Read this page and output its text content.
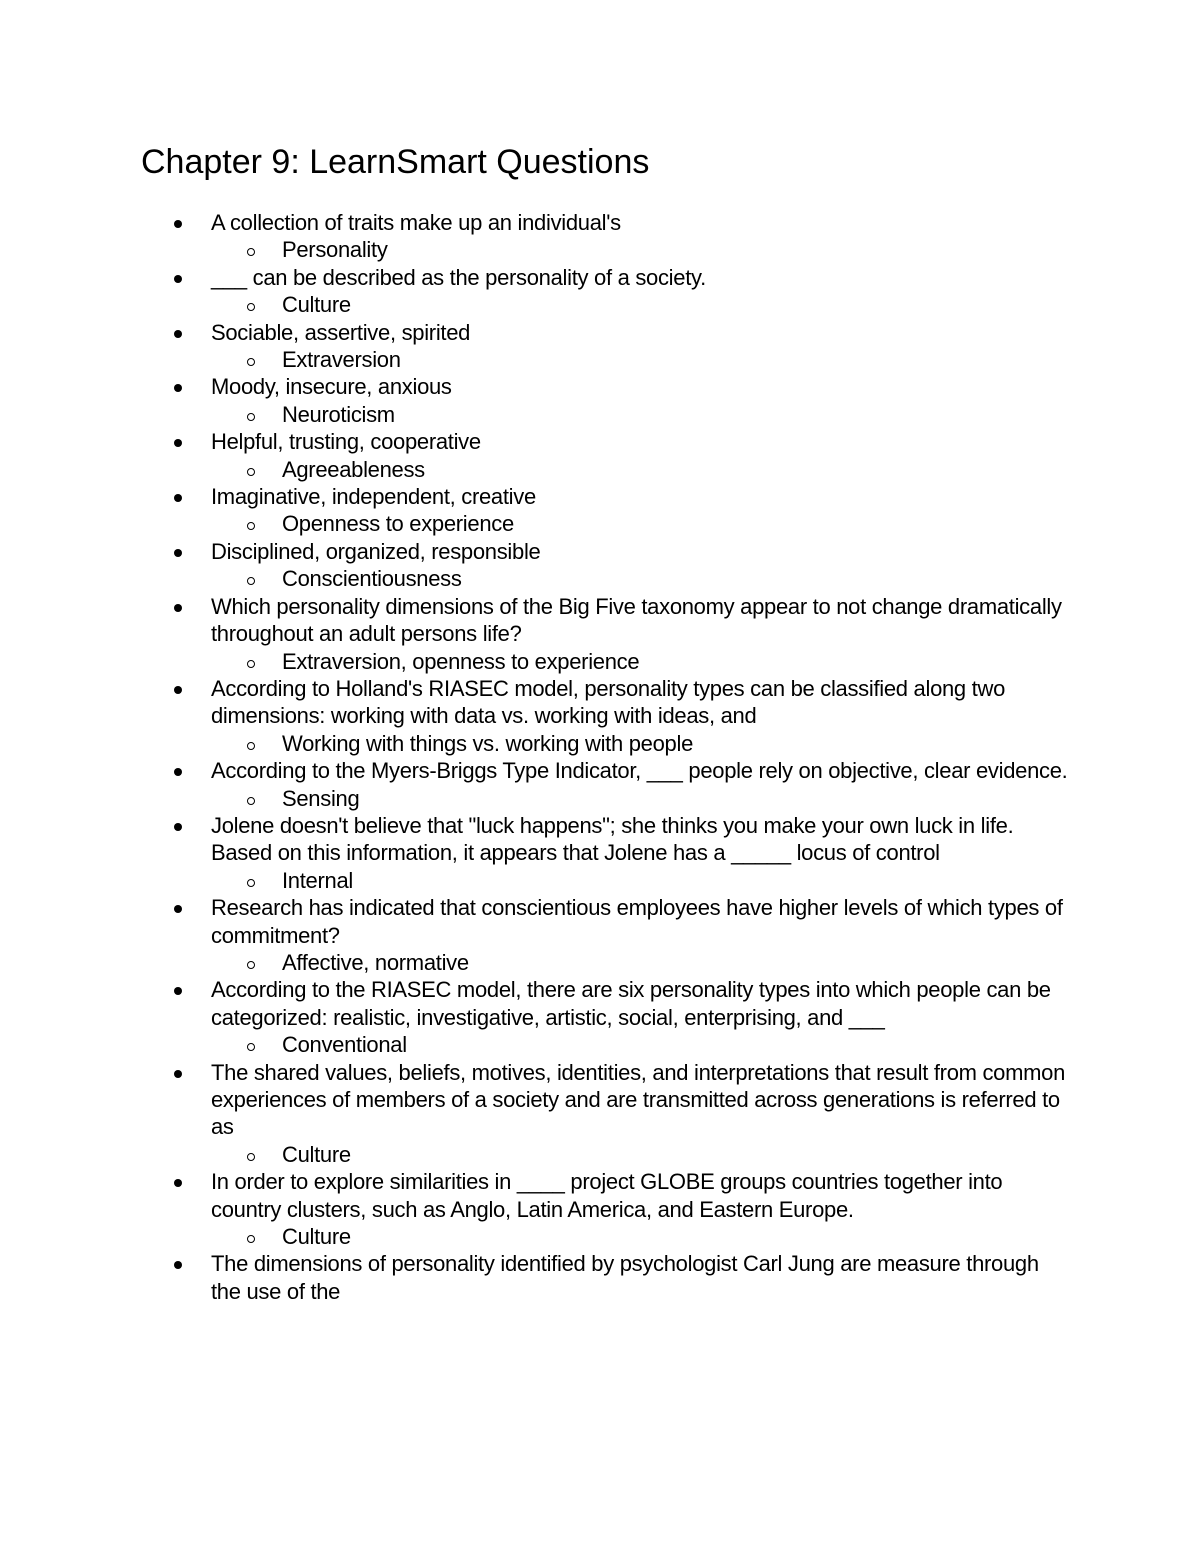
Chapter 9: LearnSmart Questions
A collection of traits make up an individual's
Personality
___ can be described as the personality of a society.
Culture
Sociable, assertive, spirited
Extraversion
Moody, insecure, anxious
Neuroticism
Helpful, trusting, cooperative
Agreeableness
Imaginative, independent, creative
Openness to experience
Disciplined, organized, responsible
Conscientiousness
Which personality dimensions of the Big Five taxonomy appear to not change dramatically throughout an adult persons life?
Extraversion, openness to experience
According to Holland's RIASEC model, personality types can be classified along two dimensions: working with data vs. working with ideas, and
Working with things vs. working with people
According to the Myers-Briggs Type Indicator, ___ people rely on objective, clear evidence.
Sensing
Jolene doesn't believe that "luck happens"; she thinks you make your own luck in life. Based on this information, it appears that Jolene has a _____ locus of control
Internal
Research has indicated that conscientious employees have higher levels of which types of commitment?
Affective, normative
According to the RIASEC model, there are six personality types into which people can be categorized: realistic, investigative, artistic, social, enterprising, and ___
Conventional
The shared values, beliefs, motives, identities, and interpretations that result from common experiences of members of a society and are transmitted across generations is referred to as
Culture
In order to explore similarities in ____ project GLOBE groups countries together into country clusters, such as Anglo, Latin America, and Eastern Europe.
Culture
The dimensions of personality identified by psychologist Carl Jung are measure through the use of the
